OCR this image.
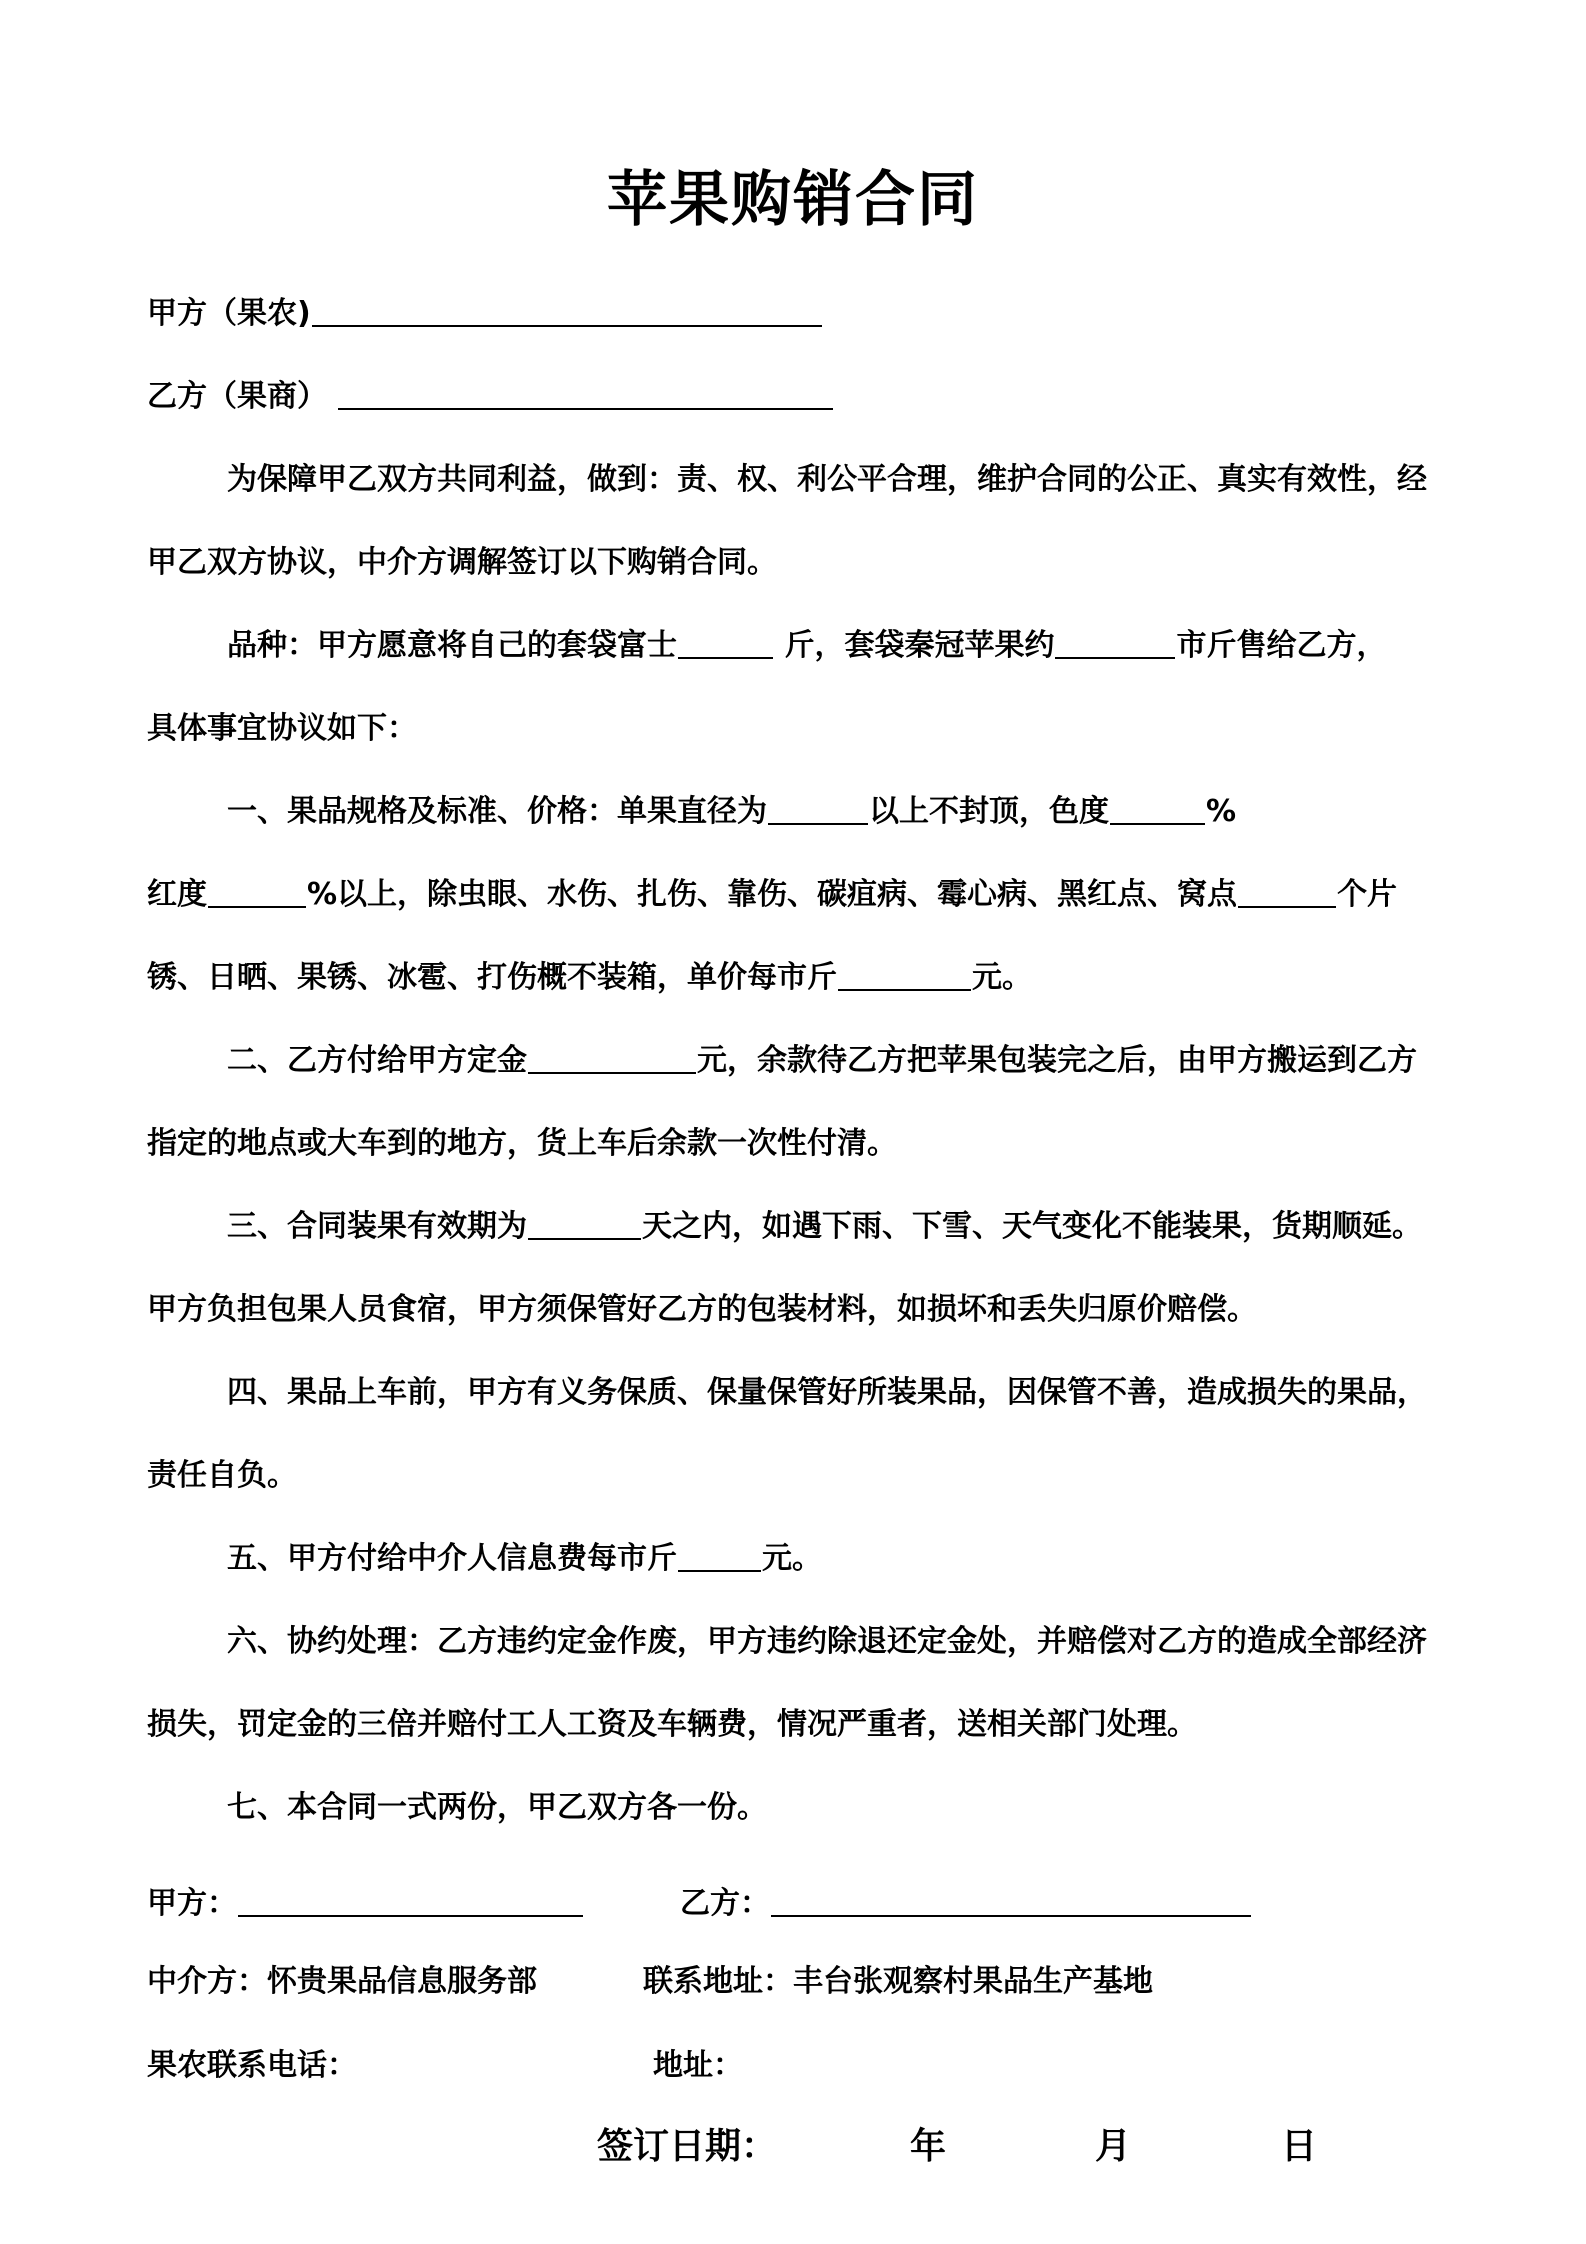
苹果购销合同
甲方（果农)
乙方（果商）
为保障甲乙双方共同利益，做到：责、权、利公平合理，维护合同的公正、真实有效性，经
甲乙双方协议，中介方调解签订以下购销合同。
品种：甲方愿意将自己的套袋富士	斤，套袋秦冠苹果约	市斤售给乙方，
具体事宜协议如下：
一、果品规格及标准、价格：单果直径为	以上不封顶，色度	%
红度	%以上，除虫眼、水伤、扎伤、靠伤、碳疽病、霉心病、黑红点、窝点	个片
锈、日晒、果锈、冰雹、打伤概不装箱，单价每市斤	元。
二、乙方付给甲方定金	元，余款待乙方把苹果包装完之后，由甲方搬运到乙方
指定的地点或大车到的地方，货上车后余款一次性付清。
三、合同装果有效期为	天之内，如遇下雨、下雪、天气变化不能装果，货期顺延。
甲方负担包果人员食宿，甲方须保管好乙方的包装材料，如损坏和丢失归原价赔偿。
四、果品上车前，甲方有义务保质、保量保管好所装果品，因保管不善，造成损失的果品，
责任自负。
五、甲方付给中介人信息费每市斤	元。
六、协约处理：乙方违约定金作废，甲方违约除退还定金处，并赔偿对乙方的造成全部经济
损失，罚定金的三倍并赔付工人工资及车辆费，情况严重者，送相关部门处理。
七、本合同一式两份，甲乙双方各一份。
甲方：	乙方：
中介方：怀贵果品信息服务部	联系地址：丰台张观察村果品生产基地
果农联系电话：	地址：
签订日期：	年	月	日
